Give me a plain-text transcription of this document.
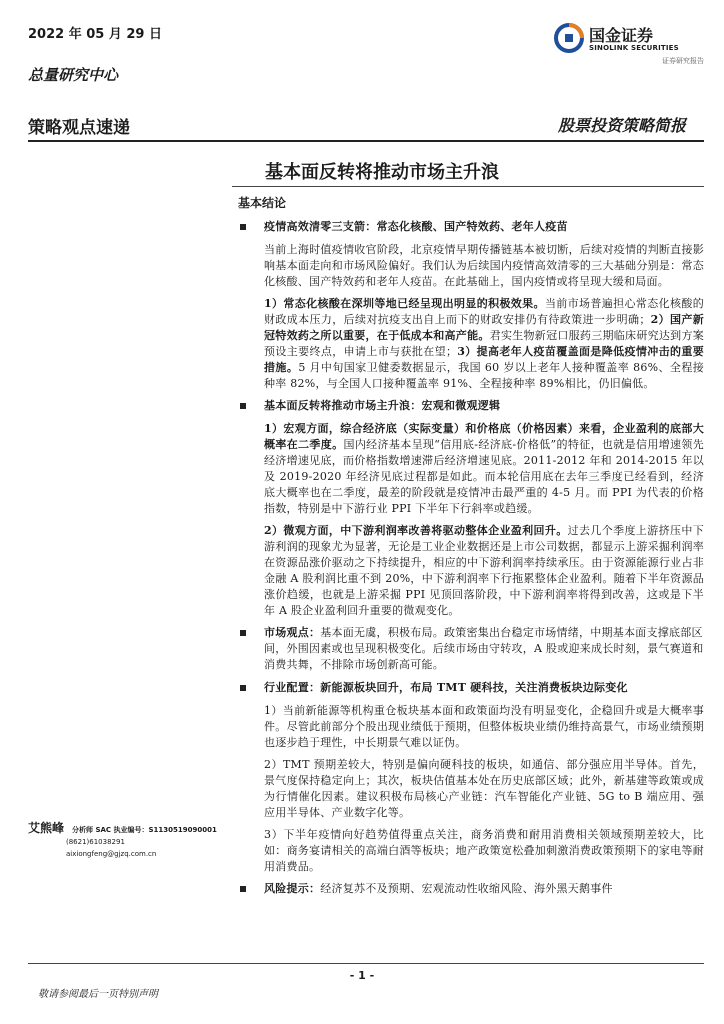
2022 年 05 月 29 日
总量研究中心
国金证券
SINOLINK SECURITIES
证券研究报告
策略观点速递	股票投资策略简报
基本面反转将推动市场主升浪
基本结论
疫情高效清零三支箭：常态化核酸、国产特效药、老年人疫苗
当前上海时值疫情收官阶段，北京疫情早期传播链基本被切断，后续对疫情的判断直接影响基本面走向和市场风险偏好。我们认为后续国内疫情高效清零的三大基础分别是：常态化核酸、国产特效药和老年人疫苗。在此基础上，国内疫情或将呈现大缓和局面。
1）常态化核酸在深圳等地已经呈现出明显的积极效果。当前市场普遍担心常态化核酸的财政成本压力，后续对抗疫支出自上而下的财政安排仍有待政策进一步明确；2）国产新冠特效药之所以重要，在于低成本和高产能。君实生物新冠口服药三期临床研究达到方案预设主要终点，申请上市与获批在望；3）提高老年人疫苗覆盖面是降低疫情冲击的重要措施。5 月中旬国家卫健委数据显示，我国 60 岁以上老年人接种覆盖率 86%、全程接种率 82%，与全国人口接种覆盖率 91%、全程接种率 89%相比，仍旧偏低。
基本面反转将推动市场主升浪：宏观和微观逻辑
1）宏观方面，综合经济底（实际变量）和价格底（价格因素）来看，企业盈利的底部大概率在二季度。国内经济基本呈现“信用底-经济底-价格低”的特征，也就是信用增速领先经济增速见底，而价格指数增速滞后经济增速见底。2011-2012 年和 2014-2015 年以及 2019-2020 年经济见底过程都是如此。而本轮信用底在去年三季度已经看到，经济底大概率也在二季度，最差的阶段就是疫情冲击最严重的 4-5 月。而 PPI 为代表的价格指数，特别是中下游行业 PPI 下半年下行斜率或趋缓。
2）微观方面，中下游利润率改善将驱动整体企业盈利回升。过去几个季度上游挤压中下游利润的现象尤为显著，无论是工业企业数据还是上市公司数据，都显示上游采掘利润率在资源品涨价驱动之下持续提升，相应的中下游利润率持续承压。由于资源能源行业占非金融 A 股利润比重不到 20%，中下游利润率下行拖累整体企业盈利。随着下半年资源品涨价趋缓，也就是上游采掘 PPI 见顶回落阶段，中下游利润率将得到改善，这或是下半年 A 股企业盈利回升重要的微观变化。
市场观点：基本面无虞，积极布局。政策密集出台稳定市场情绪，中期基本面支撑底部区间，外围因素或也呈现积极变化。后续市场由守转攻，A 股或迎来成长时刻，景气赛道和消费共舞，不排除市场创新高可能。
行业配置：新能源板块回升，布局 TMT 硬科技，关注消费板块边际变化
1）当前新能源等机构重仓板块基本面和政策面均没有明显变化，企稳回升或是大概率事件。尽管此前部分个股出现业绩低于预期，但整体板块业绩仍维持高景气，市场业绩预期也逐步趋于理性，中长期景气难以证伪。
2）TMT 预期差较大，特别是偏向硬科技的板块，如通信、部分强应用半导体。首先，景气度保持稳定向上；其次，板块估值基本处在历史底部区域；此外，新基建等政策或成为行情催化因素。建议积极布局核心产业链：汽车智能化产业链、5G to B 端应用、强应用半导体、产业数字化等。
3）下半年疫情向好趋势值得重点关注，商务消费和耐用消费相关领域预期差较大，比如：商务宴请相关的高端白酒等板块；地产政策宽松叠加刺激消费政策预期下的家电等耐用消费品。
风险提示：经济复苏不及预期、宏观流动性收缩风险、海外黑天鹅事件
艾熊峰 分析师 SAC 执业编号：S1130519090001
(8621)61038291
aixiongfeng@gjzq.com.cn
- 1 -
敬请参阅最后一页特别声明
